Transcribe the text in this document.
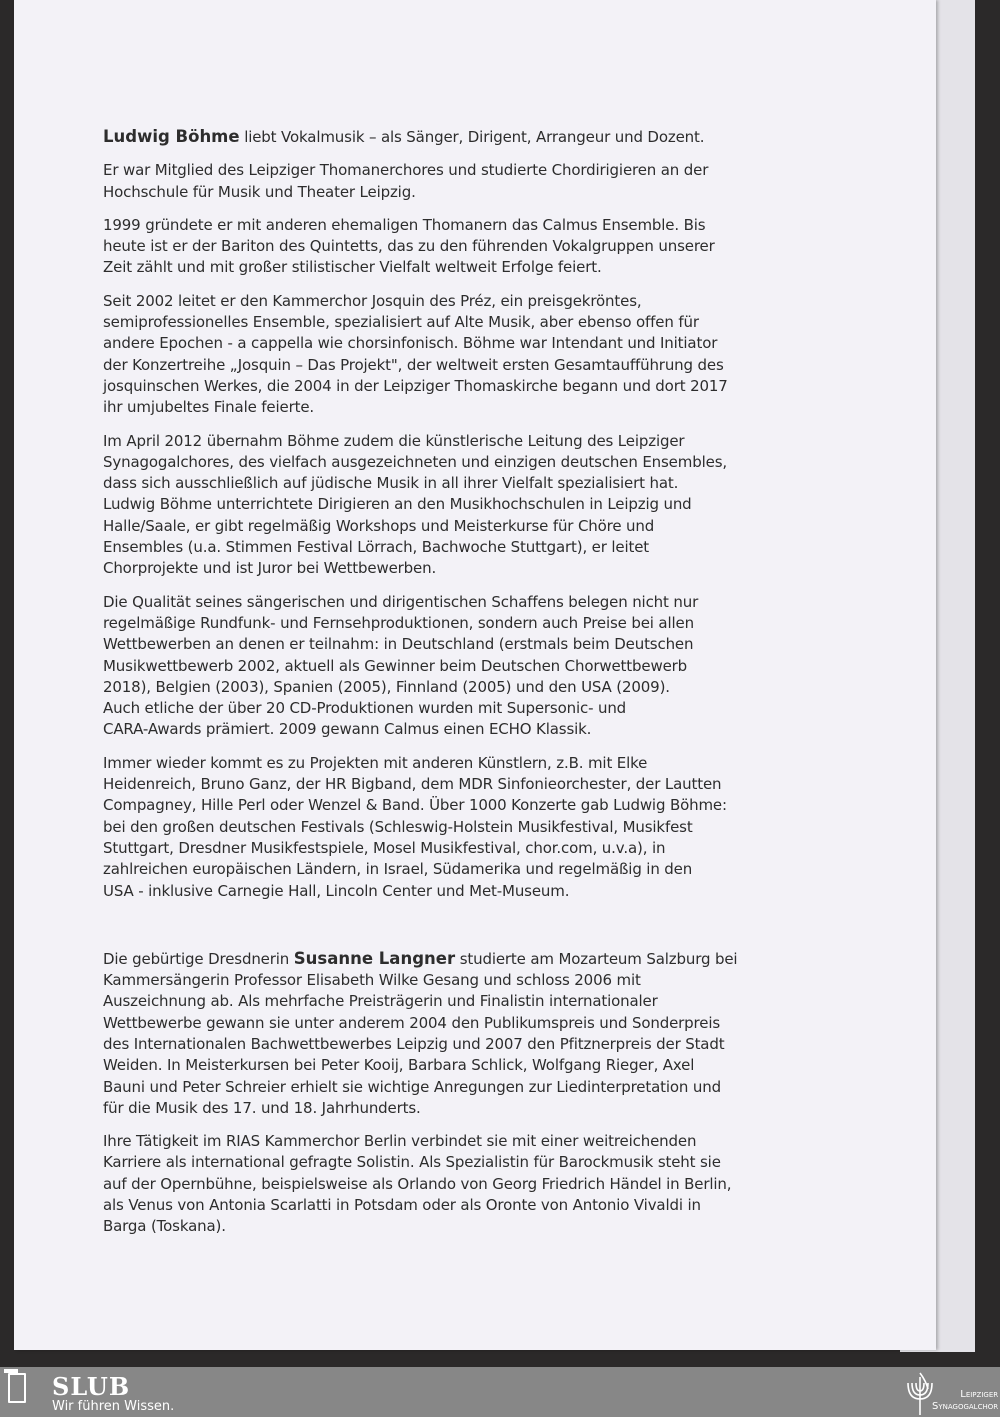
Ludwig Böhme liebt Vokalmusik – als Sänger, Dirigent, Arrangeur und Dozent.

Er war Mitglied des Leipziger Thomanerchores und studierte Chordirigieren an der
Hochschule für Musik und Theater Leipzig.

1999 gründete er mit anderen ehemaligen Thomanern das Calmus Ensemble. Bis
heute ist er der Bariton des Quintetts, das zu den führenden Vokalgruppen unserer
Zeit zählt und mit großer stilistischer Vielfalt weltweit Erfolge feiert.

Seit 2002 leitet er den Kammerchor Josquin des Préz, ein preisgekröntes,
semiprofessionelles Ensemble, spezialisiert auf Alte Musik, aber ebenso offen für
andere Epochen - a cappella wie chorsinfonisch. Böhme war Intendant und Initiator
der Konzertreihe „Josquin – Das Projekt", der weltweit ersten Gesamtaufführung des
josquinschen Werkes, die 2004 in der Leipziger Thomaskirche begann und dort 2017
ihr umjubeltes Finale feierte.

Im April 2012 übernahm Böhme zudem die künstlerische Leitung des Leipziger
Synagogalchores, des vielfach ausgezeichneten und einzigen deutschen Ensembles,
dass sich ausschließlich auf jüdische Musik in all ihrer Vielfalt spezialisiert hat.
Ludwig Böhme unterrichtete Dirigieren an den Musikhochschulen in Leipzig und
Halle/Saale, er gibt regelmäßig Workshops und Meisterkurse für Chöre und
Ensembles (u.a. Stimmen Festival Lörrach, Bachwoche Stuttgart), er leitet
Chorprojekte und ist Juror bei Wettbewerben.

Die Qualität seines sängerischen und dirigentischen Schaffens belegen nicht nur
regelmäßige Rundfunk- und Fernsehproduktionen, sondern auch Preise bei allen
Wettbewerben an denen er teilnahm: in Deutschland (erstmals beim Deutschen
Musikwettbewerb 2002, aktuell als Gewinner beim Deutschen Chorwettbewerb
2018), Belgien (2003), Spanien (2005), Finnland (2005) und den USA (2009).
Auch etliche der über 20 CD-Produktionen wurden mit Supersonic- und
CARA-Awards prämiert. 2009 gewann Calmus einen ECHO Klassik.

Immer wieder kommt es zu Projekten mit anderen Künstlern, z.B. mit Elke
Heidenreich, Bruno Ganz, der HR Bigband, dem MDR Sinfonieorchester, der Lautten
Compagney, Hille Perl oder Wenzel & Band. Über 1000 Konzerte gab Ludwig Böhme:
bei den großen deutschen Festivals (Schleswig-Holstein Musikfestival, Musikfest
Stuttgart, Dresdner Musikfestspiele, Mosel Musikfestival, chor.com, u.v.a), in
zahlreichen europäischen Ländern, in Israel, Südamerika und regelmäßig in den
USA - inklusive Carnegie Hall, Lincoln Center und Met-Museum.

Die gebürtige Dresdnerin Susanne Langner studierte am Mozarteum Salzburg bei
Kammersängerin Professor Elisabeth Wilke Gesang und schloss 2006 mit
Auszeichnung ab. Als mehrfache Preisträgerin und Finalistin internationaler
Wettbewerbe gewann sie unter anderem 2004 den Publikumspreis und Sonderpreis
des Internationalen Bachwettbewerbes Leipzig und 2007 den Pfitznerpreis der Stadt
Weiden. In Meisterkursen bei Peter Kooij, Barbara Schlick, Wolfgang Rieger, Axel
Bauni und Peter Schreier erhielt sie wichtige Anregungen zur Liedinterpretation und
für die Musik des 17. und 18. Jahrhunderts.

Ihre Tätigkeit im RIAS Kammerchor Berlin verbindet sie mit einer weitreichenden
Karriere als international gefragte Solistin. Als Spezialistin für Barockmusik steht sie
auf der Opernbühne, beispielsweise als Orlando von Georg Friedrich Händel in Berlin,
als Venus von Antonia Scarlatti in Potsdam oder als Oronte von Antonio Vivaldi in
Barga (Toskana).

SLUB
Wir führen Wissen.
Leipziger
Synagogalchor
